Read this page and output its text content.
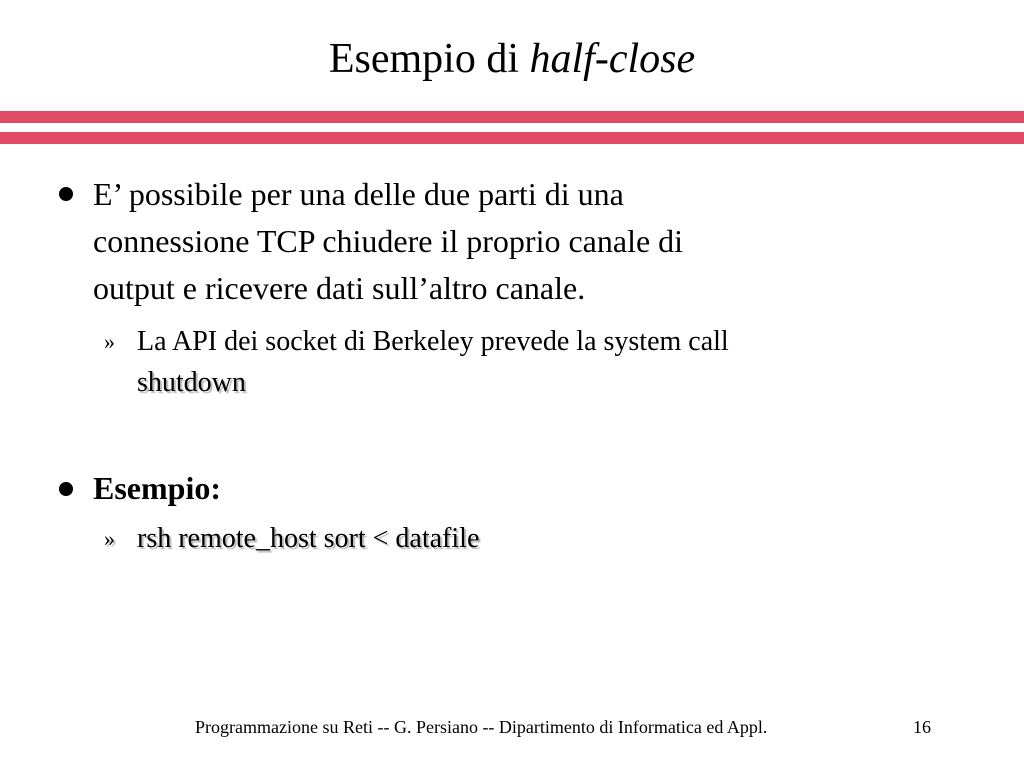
Esempio di half-close
E’ possibile per una delle due parti di una
connessione TCP chiudere il proprio canale di
output e ricevere dati sull’altro canale.
» La API dei socket di Berkeley prevede la system call
shutdown
Esempio:
» rsh remote_host sort < datafile
Programmazione su Reti -- G. Persiano -- Dipartimento di Informatica ed Appl.	16
